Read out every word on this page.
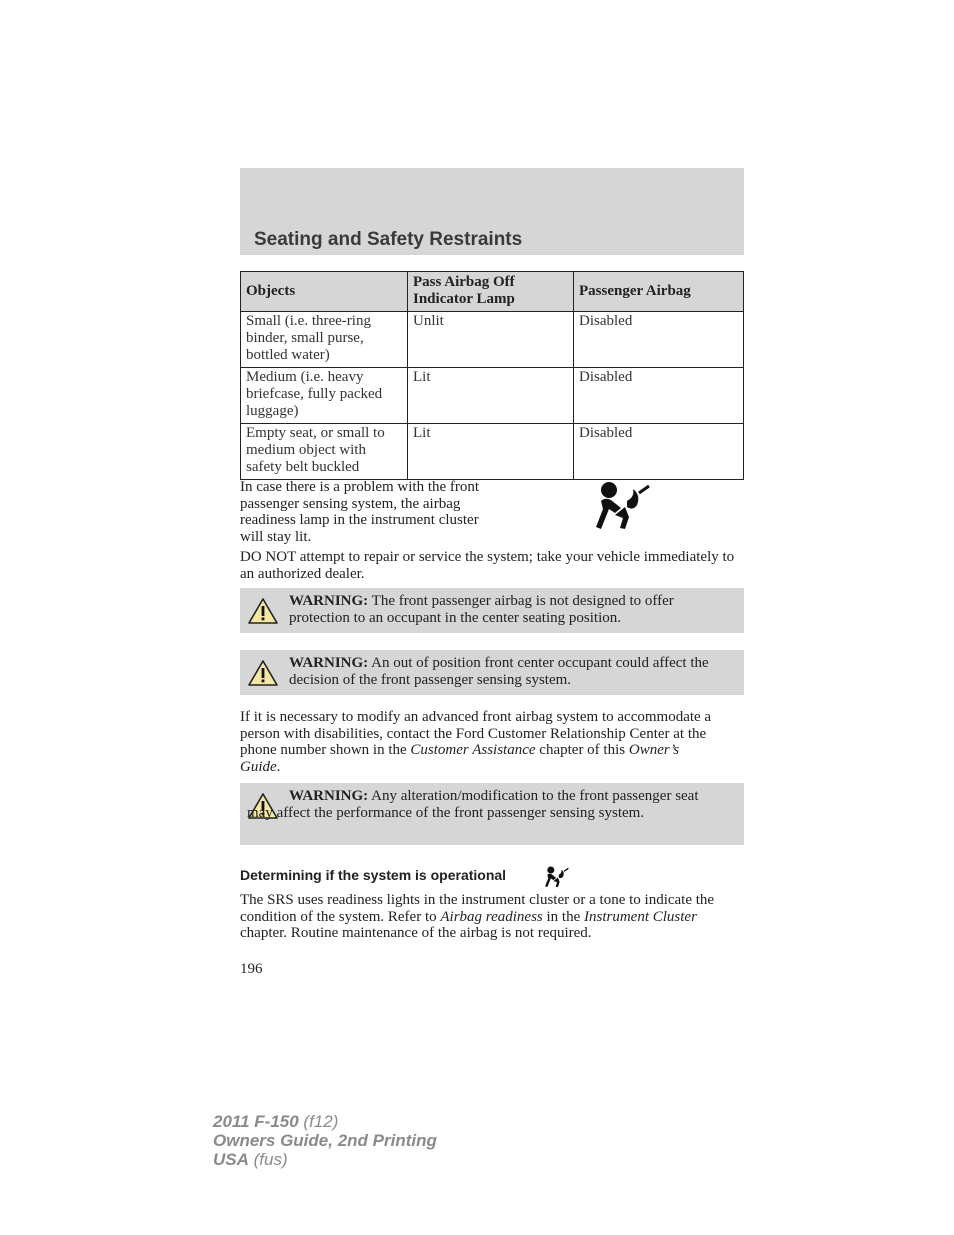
Seating and Safety Restraints
Objects	Pass Airbag Off Indicator Lamp	Passenger Airbag
Small (i.e. three-ring binder, small purse, bottled water)	Unlit	Disabled
Medium (i.e. heavy briefcase, fully packed luggage)	Lit	Disabled
Empty seat, or small to medium object with safety belt buckled	Lit	Disabled

In case there is a problem with the front passenger sensing system, the airbag readiness lamp in the instrument cluster will stay lit.

DO NOT attempt to repair or service the system; take your vehicle immediately to an authorized dealer.

WARNING: The front passenger airbag is not designed to offer protection to an occupant in the center seating position.

WARNING: An out of position front center occupant could affect the decision of the front passenger sensing system.

If it is necessary to modify an advanced front airbag system to accommodate a person with disabilities, contact the Ford Customer Relationship Center at the phone number shown in the Customer Assistance chapter of this Owner’s Guide.

WARNING: Any alteration/modification to the front passenger seat may affect the performance of the front passenger sensing system.

Determining if the system is operational

The SRS uses readiness lights in the instrument cluster or a tone to indicate the condition of the system. Refer to Airbag readiness in the Instrument Cluster chapter. Routine maintenance of the airbag is not required.

196

2011 F-150 (f12)
Owners Guide, 2nd Printing
USA (fus)
